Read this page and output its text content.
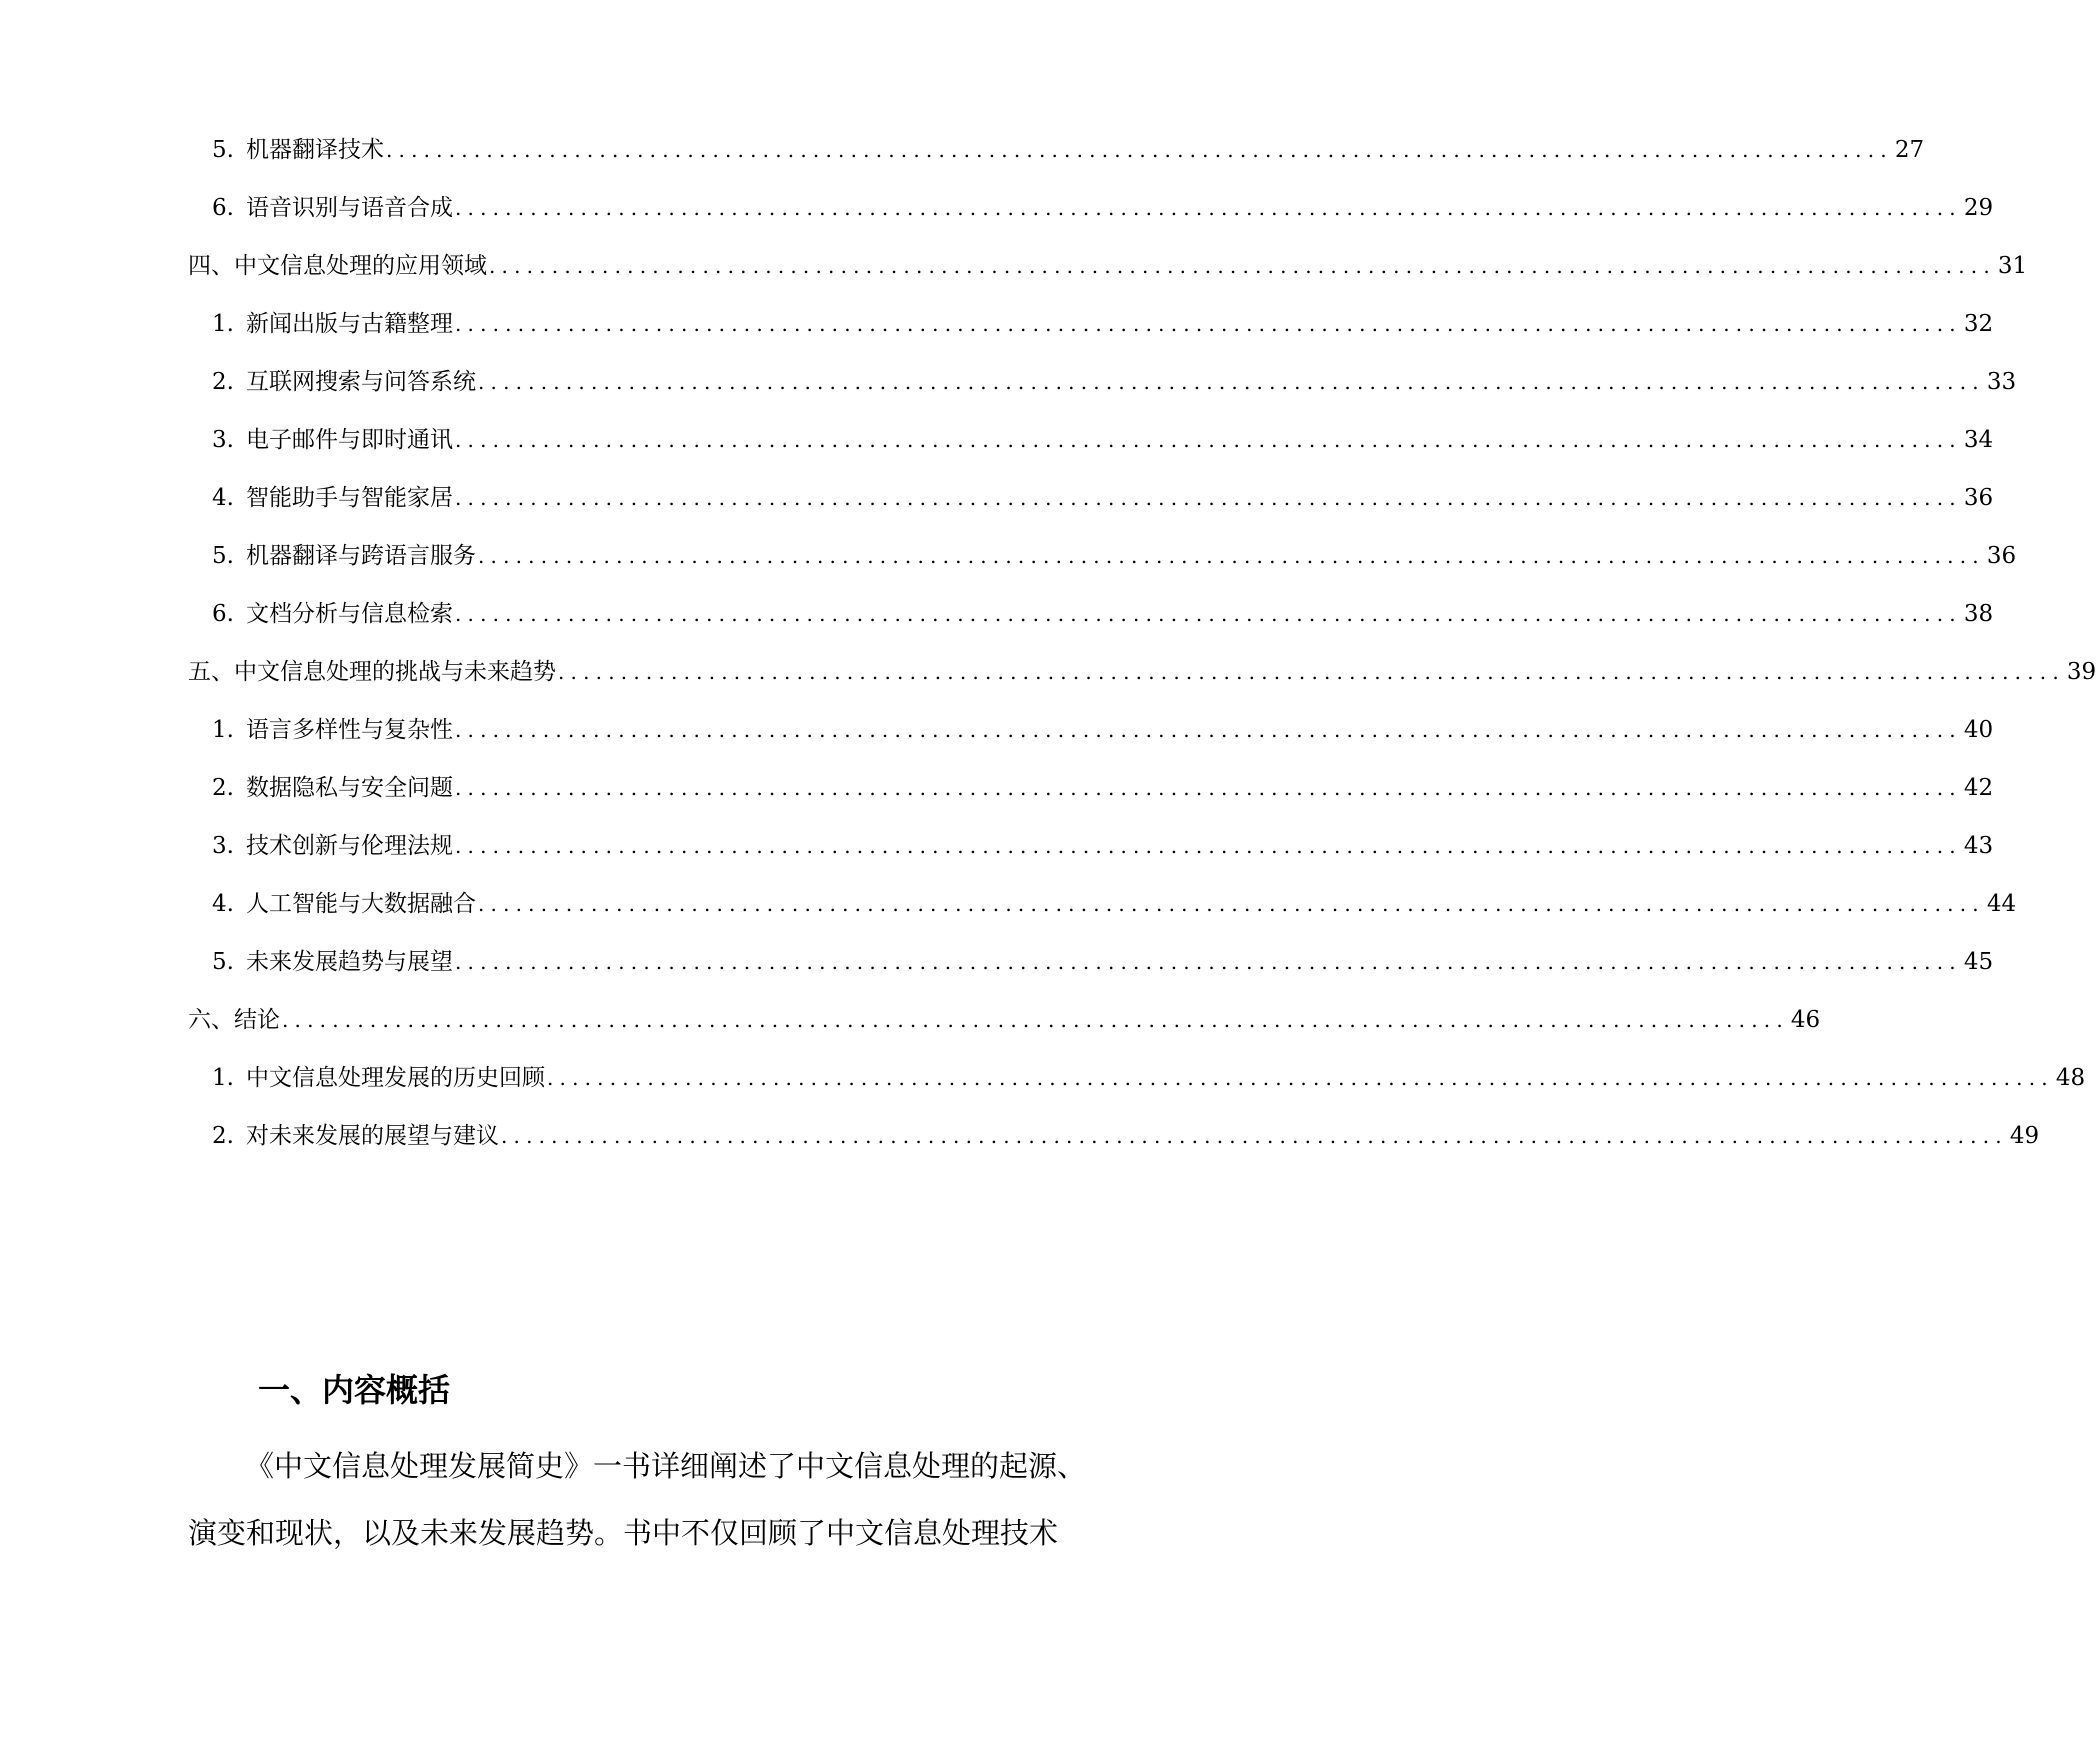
5. 机器翻译技术 ........................................................................................................................ 27
6. 语音识别与语音合成 ........................................................................................................................ 29
四、中文信息处理的应用领域 ........................................................................................................................ 31
1. 新闻出版与古籍整理 ........................................................................................................................ 32
2. 互联网搜索与问答系统 ........................................................................................................................ 33
3. 电子邮件与即时通讯 ........................................................................................................................ 34
4. 智能助手与智能家居 ........................................................................................................................ 36
5. 机器翻译与跨语言服务 ........................................................................................................................ 36
6. 文档分析与信息检索 ........................................................................................................................ 38
五、中文信息处理的挑战与未来趋势 ........................................................................................................................ 39
1. 语言多样性与复杂性 ........................................................................................................................ 40
2. 数据隐私与安全问题 ........................................................................................................................ 42
3. 技术创新与伦理法规 ........................................................................................................................ 43
4. 人工智能与大数据融合 ........................................................................................................................ 44
5. 未来发展趋势与展望 ........................................................................................................................ 45
六、结论 ........................................................................................................................ 46
1. 中文信息处理发展的历史回顾 ........................................................................................................................ 48
2. 对未来发展的展望与建议 ........................................................................................................................ 49
一、内容概括
《中文信息处理发展简史》一书详细阐述了中文信息处理的起源、
演变和现状，以及未来发展趋势。书中不仅回顾了中文信息处理技术
